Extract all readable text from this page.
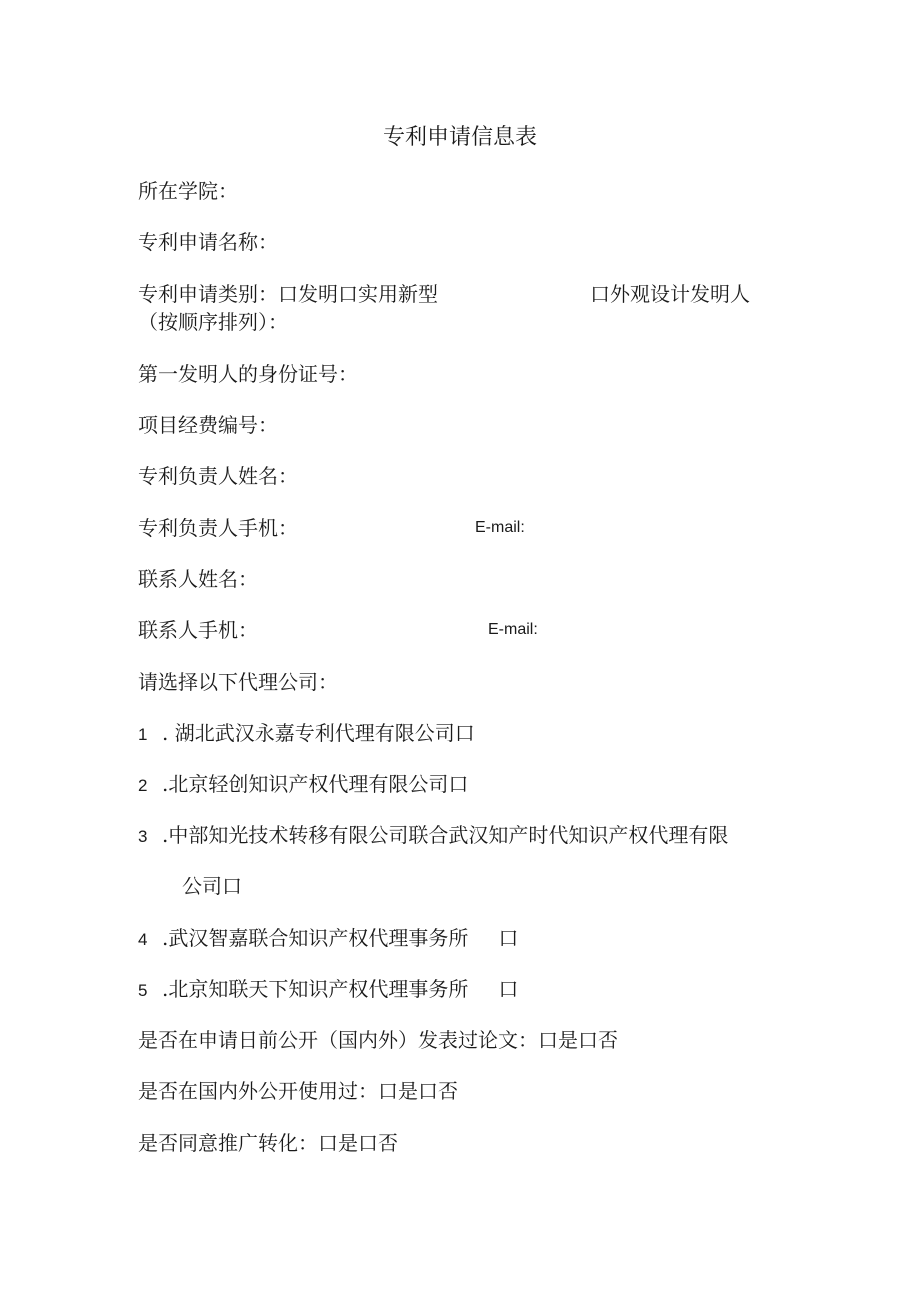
专利申请信息表
所在学院：
专利申请名称：
专利申请类别：口发明口实用新型	口外观设计发明人
（按顺序排列）：
第一发明人的身份证号：
项目经费编号：
专利负责人姓名：
专利负责人手机：	E-mail:
联系人姓名：
联系人手机：	E-mail:
请选择以下代理公司：
1 . 湖北武汉永嘉专利代理有限公司口
2 .北京轻创知识产权代理有限公司口
3 .中部知光技术转移有限公司联合武汉知产时代知识产权代理有限
公司口
4 .武汉智嘉联合知识产权代理事务所 口
5 .北京知联天下知识产权代理事务所 口
是否在申请日前公开（国内外）发表过论文：口是口否
是否在国内外公开使用过：口是口否
是否同意推广转化：口是口否
